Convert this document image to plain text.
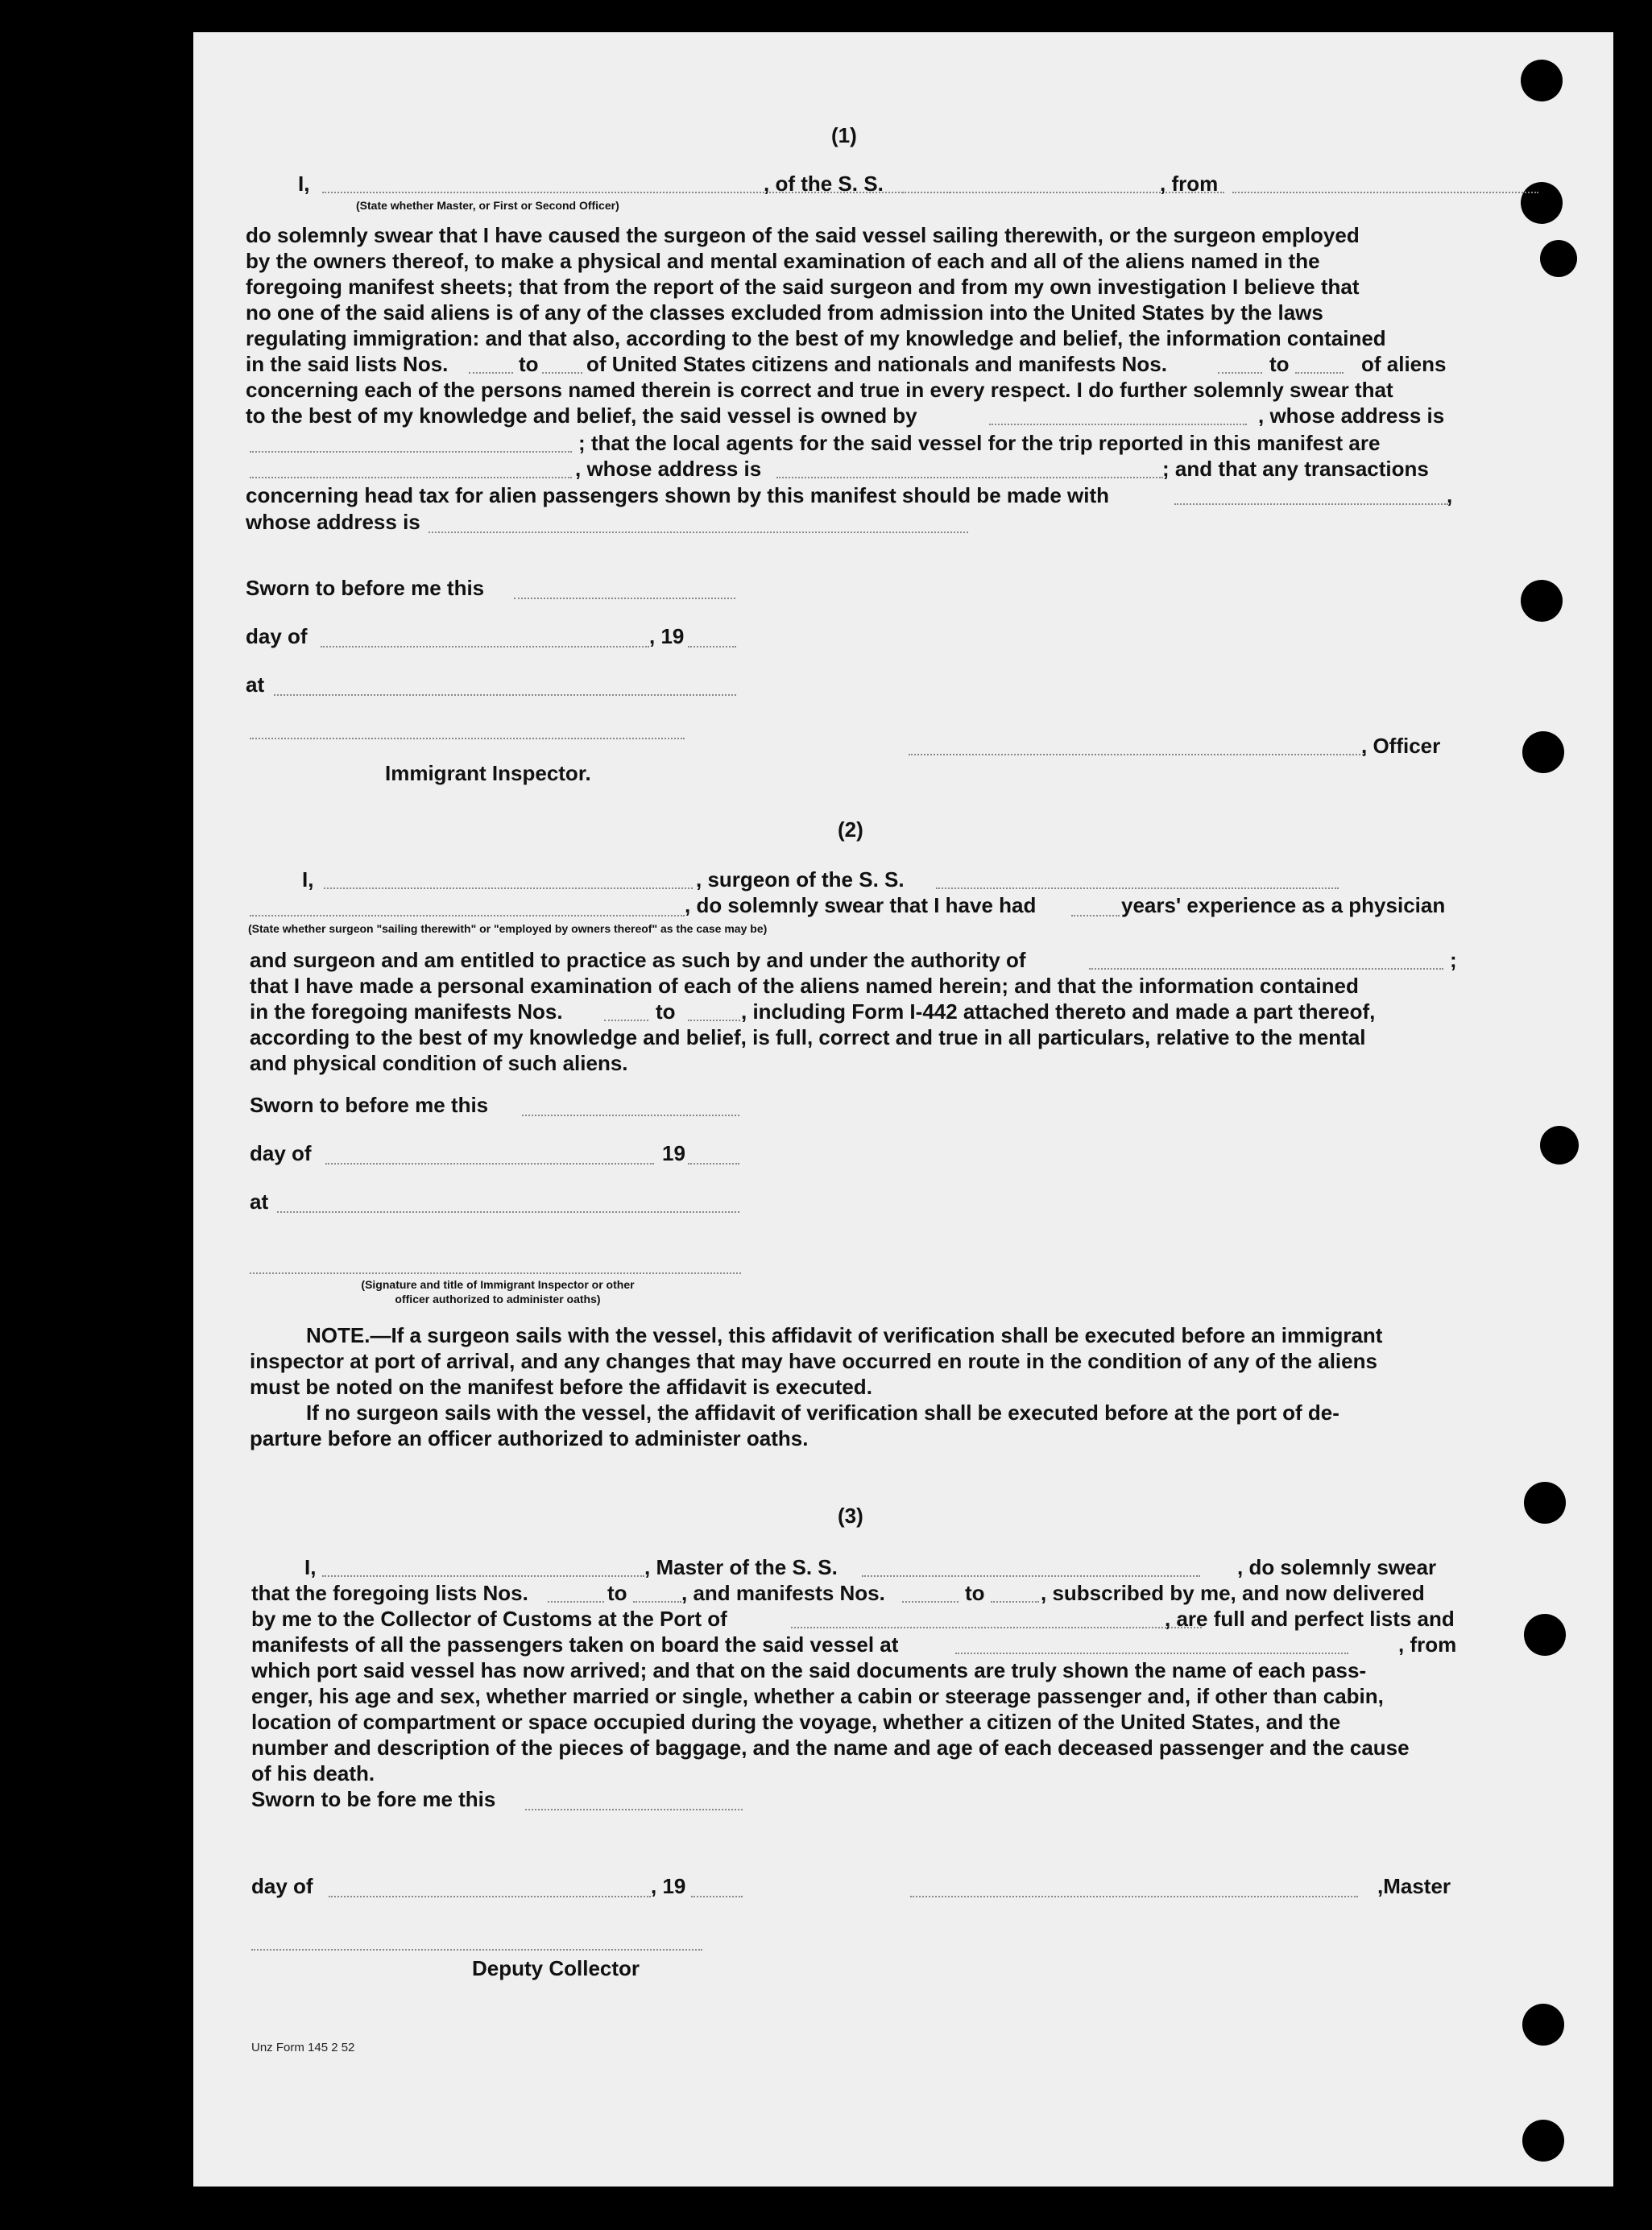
(1)
I,	, of the S. S.	, from
(State whether Master, or First or Second Officer)
do solemnly swear that I have caused the surgeon of the said vessel sailing therewith, or the surgeon employed
by the owners thereof, to make a physical and mental examination of each and all of the aliens named in the
foregoing manifest sheets; that from the report of the said surgeon and from my own investigation I believe that
no one of the said aliens is of any of the classes excluded from admission into the United States by the laws
regulating immigration: and that also, according to the best of my knowledge and belief, the information contained
in the said lists Nos.	to of United States citizens and nationals and manifests Nos.	to	of aliens
concerning each of the persons named therein is correct and true in every respect. I do further solemnly swear that
to the best of my knowledge and belief, the said vessel is owned by	, whose address is
; that the local agents for the said vessel for the trip reported in this manifest are
, whose address is	; and that any transactions
concerning head tax for alien passengers shown by this manifest should be made with	,
whose address is
Sworn to before me this
day of	, 19
at
Immigrant Inspector.
, Officer
(2)
I,	, surgeon of the S. S.
, do solemnly swear that I have had	years' experience as a physician
(State whether surgeon "sailing therewith" or "employed by owners thereof" as the case may be)
and surgeon and am entitled to practice as such by and under the authority of	;
that I have made a personal examination of each of the aliens named herein; and that the information contained
in the foregoing manifests Nos.	to	, including Form I-442 attached thereto and made a part thereof,
according to the best of my knowledge and belief, is full, correct and true in all particulars, relative to the mental
and physical condition of such aliens.
Sworn to before me this
day of	19
at
(Signature and title of Immigrant Inspector or other
officer authorized to administer oaths)
NOTE.—If a surgeon sails with the vessel, this affidavit of verification shall be executed before an immigrant
inspector at port of arrival, and any changes that may have occurred en route in the condition of any of the aliens
must be noted on the manifest before the affidavit is executed.
If no surgeon sails with the vessel, the affidavit of verification shall be executed before at the port of de-
parture before an officer authorized to administer oaths.
(3)
I,	, Master of the S. S.	, do solemnly swear
that the foregoing lists Nos.	to	, and manifests Nos.	to	, subscribed by me, and now delivered
by me to the Collector of Customs at the Port of	, are full and perfect lists and
manifests of all the passengers taken on board the said vessel at	, from
which port said vessel has now arrived; and that on the said documents are truly shown the name of each pass-
enger, his age and sex, whether married or single, whether a cabin or steerage passenger and, if other than cabin,
location of compartment or space occupied during the voyage, whether a citizen of the United States, and the
number and description of the pieces of baggage, and the name and age of each deceased passenger and the cause
of his death.
Sworn to be fore me this
day of	, 19	,Master
Deputy Collector
Unz Form 145 2 52
